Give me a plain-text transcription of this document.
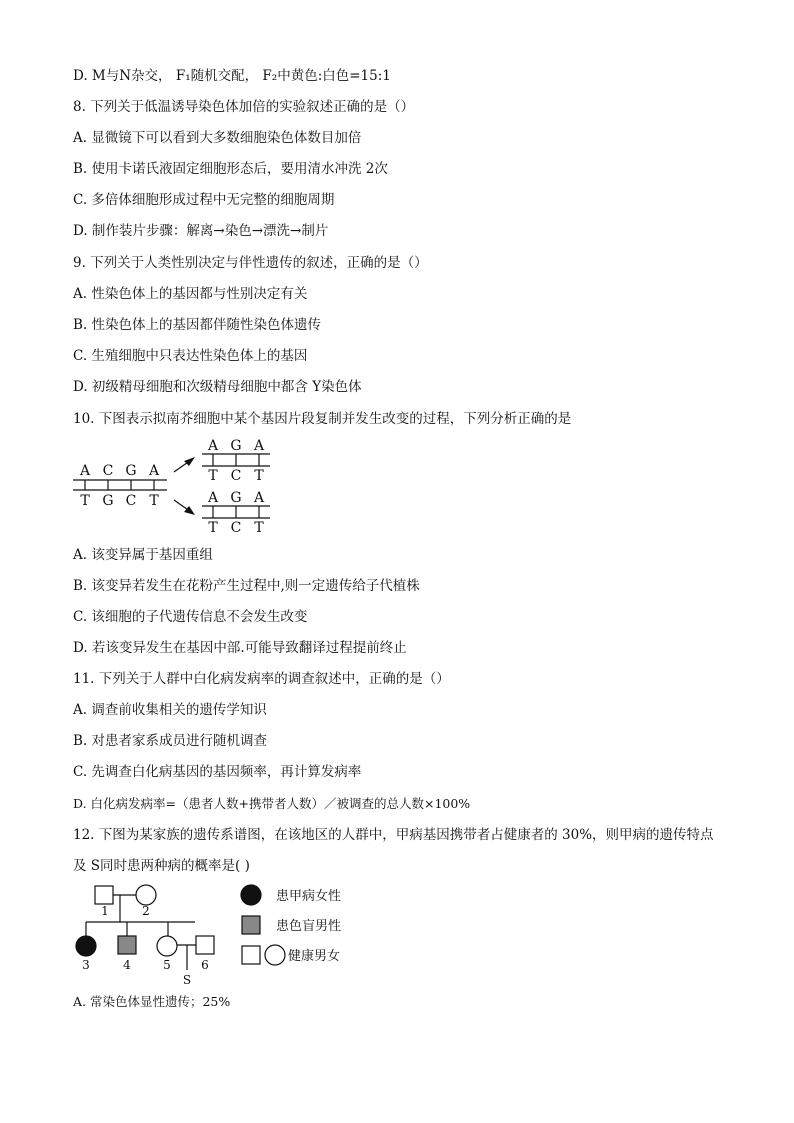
D. M与N杂交， F₁随机交配， F₂中黄色:白色=15:1
8. 下列关于低温诱导染色体加倍的实验叙述正确的是（）
A. 显微镜下可以看到大多数细胞染色体数目加倍
B. 使用卡诺氏液固定细胞形态后，要用清水冲洗 2次
C. 多倍体细胞形成过程中无完整的细胞周期
D. 制作装片步骤：解离→染色→漂洗→制片
9. 下列关于人类性别决定与伴性遗传的叙述，正确的是（）
A. 性染色体上的基因都与性别决定有关
B. 性染色体上的基因都伴随性染色体遗传
C. 生殖细胞中只表达性染色体上的基因
D. 初级精母细胞和次级精母细胞中都含 Y染色体
10. 下图表示拟南芥细胞中某个基因片段复制并发生改变的过程，下列分析正确的是
A. 该变异属于基因重组
B. 该变异若发生在花粉产生过程中,则一定遗传给子代植株
C. 该细胞的子代遗传信息不会发生改变
D. 若该变异发生在基因中部.可能导致翻译过程提前终止
11. 下列关于人群中白化病发病率的调查叙述中，正确的是（）
A. 调查前收集相关的遗传学知识
B. 对患者家系成员进行随机调查
C. 先调查白化病基因的基因频率，再计算发病率
D. 白化病发病率=（患者人数+携带者人数）／被调查的总人数×100%
12. 下图为某家族的遗传系谱图，在该地区的人群中，甲病基因携带者占健康者的 30%，则甲病的遗传特点
及 S同时患两种病的概率是( )
A. 常染色体显性遗传；25%
A C G A
T G C T
A G A
T C T
A G A
T C T
1	2
3	4	5	6
S
患甲病女性
患色盲男性
健康男女
